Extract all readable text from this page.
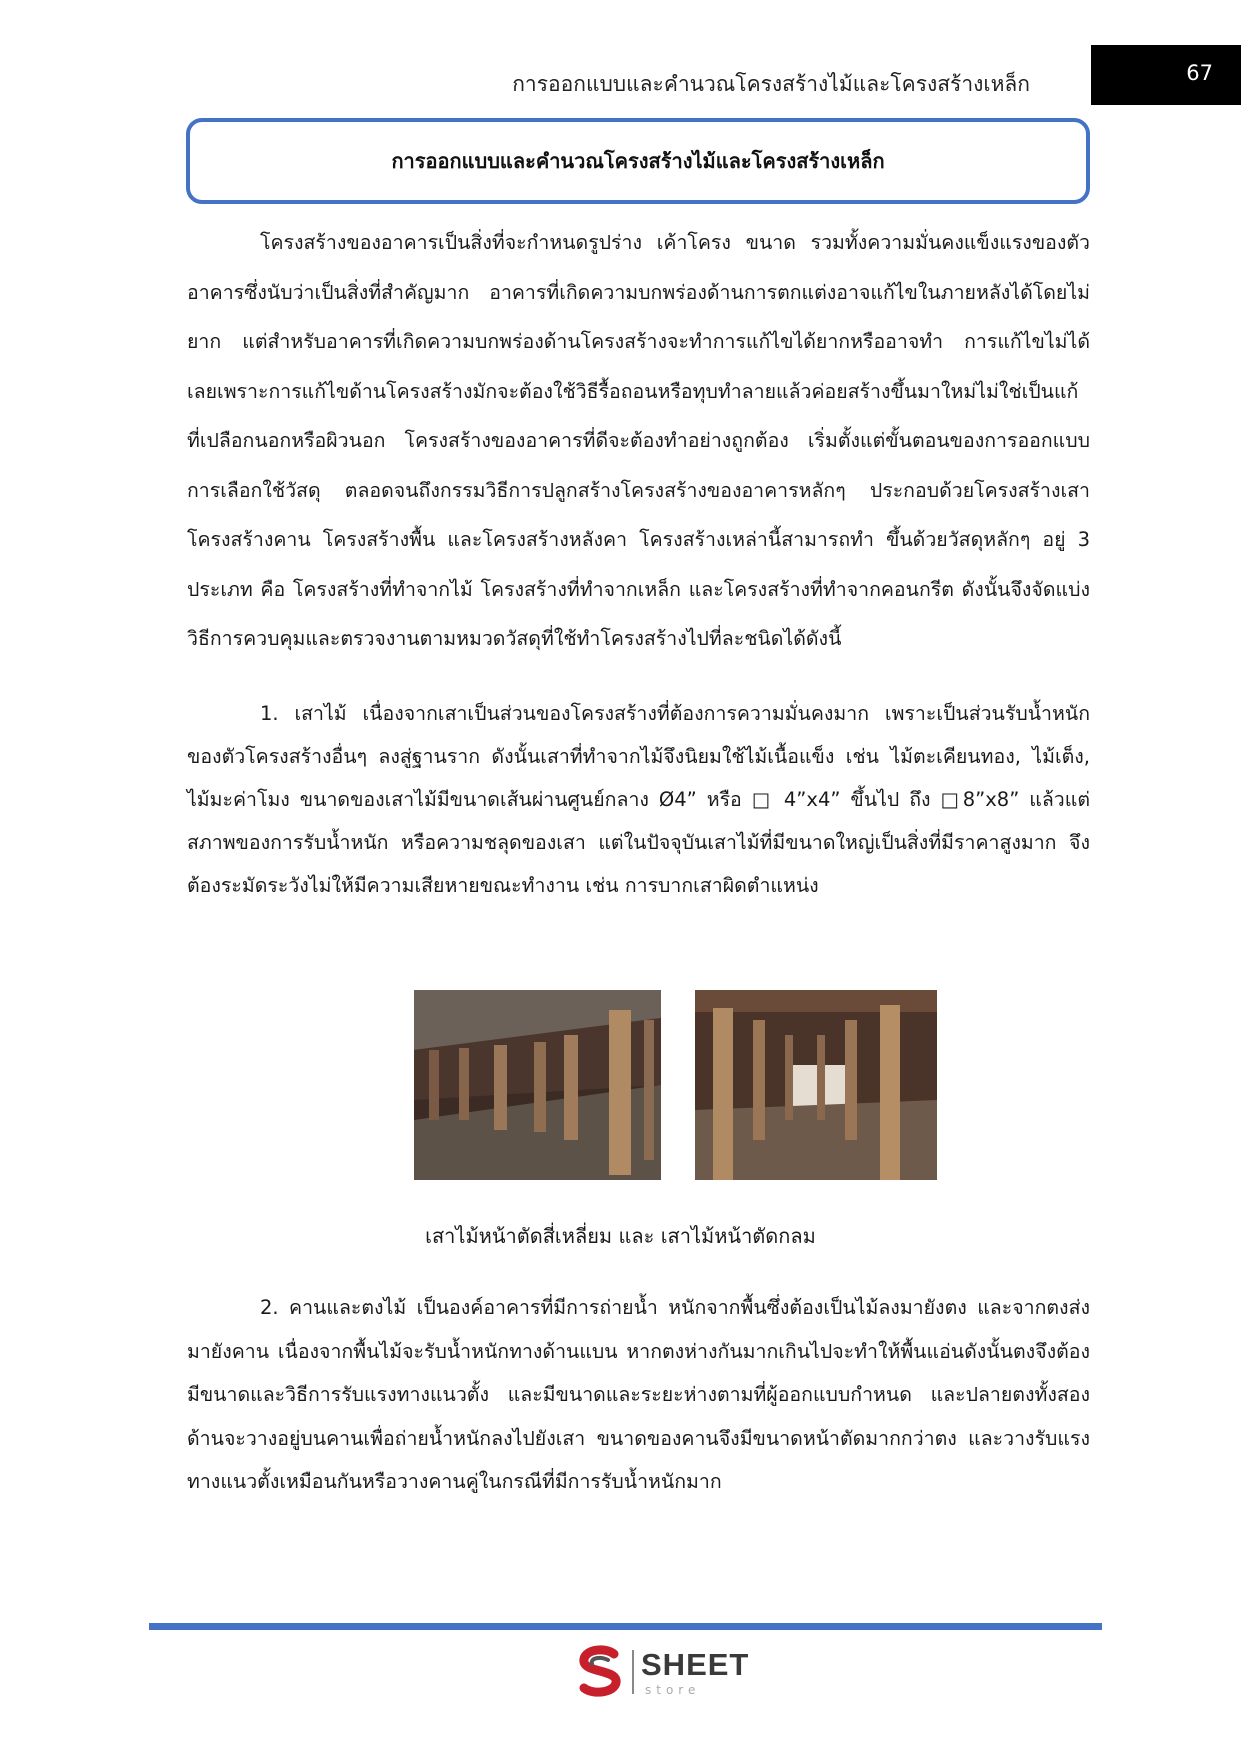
การออกแบบและคำนวณโครงสร้างไม้และโครงสร้างเหล็ก	67
การออกแบบและคำนวณโครงสร้างไม้และโครงสร้างเหล็ก

โครงสร้างของอาคารเป็นสิ่งที่จะกำหนดรูปร่าง เค้าโครง ขนาด รวมทั้งความมั่นคงแข็งแรงของตัวอาคารซึ่งนับว่าเป็นสิ่งที่สำคัญมาก อาคารที่เกิดความบกพร่องด้านการตกแต่งอาจแก้ไขในภายหลังได้โดยไม่ยาก แต่สำหรับอาคารที่เกิดความบกพร่องด้านโครงสร้างจะทำการแก้ไขได้ยากหรืออาจทำ การแก้ไขไม่ได้เลยเพราะการแก้ไขด้านโครงสร้างมักจะต้องใช้วิธีรื้อถอนหรือทุบทำลายแล้วค่อยสร้างขึ้นมาใหม่ไม่ใช่เป็นแก้ที่เปลือกนอกหรือผิวนอก โครงสร้างของอาคารที่ดีจะต้องทำอย่างถูกต้อง เริ่มตั้งแต่ขั้นตอนของการออกแบบ การเลือกใช้วัสดุ ตลอดจนถึงกรรมวิธีการปลูกสร้างโครงสร้างของอาคารหลักๆ ประกอบด้วยโครงสร้างเสา โครงสร้างคาน โครงสร้างพื้น และโครงสร้างหลังคา โครงสร้างเหล่านี้สามารถทำ ขึ้นด้วยวัสดุหลักๆ อยู่ 3 ประเภท คือ โครงสร้างที่ทำจากไม้ โครงสร้างที่ทำจากเหล็ก และโครงสร้างที่ทำจากคอนกรีต ดังนั้นจึงจัดแบ่งวิธีการควบคุมและตรวจงานตามหมวดวัสดุที่ใช้ทำโครงสร้างไปที่ละชนิดได้ดังนี้

1. เสาไม้ เนื่องจากเสาเป็นส่วนของโครงสร้างที่ต้องการความมั่นคงมาก เพราะเป็นส่วนรับน้ำหนักของตัวโครงสร้างอื่นๆ ลงสู่ฐานราก ดังนั้นเสาที่ทำจากไม้จึงนิยมใช้ไม้เนื้อแข็ง เช่น ไม้ตะเคียนทอง, ไม้เต็ง, ไม้มะค่าโมง ขนาดของเสาไม้มีขนาดเส้นผ่านศูนย์กลาง Ø4” หรือ □ 4”x4” ขึ้นไป ถึง □8”x8” แล้วแต่สภาพของการรับน้ำหนัก หรือความชลุดของเสา แต่ในปัจจุบันเสาไม้ที่มีขนาดใหญ่เป็นสิ่งที่มีราคาสูงมาก จึงต้องระมัดระวังไม่ให้มีความเสียหายขณะทำงาน เช่น การบากเสาผิดตำแหน่ง

เสาไม้หน้าตัดสี่เหลี่ยม และ เสาไม้หน้าตัดกลม

2. คานและตงไม้ เป็นองค์อาคารที่มีการถ่ายน้ำ หนักจากพื้นซึ่งต้องเป็นไม้ลงมายังตง และจากตงส่งมายังคาน เนื่องจากพื้นไม้จะรับน้ำหนักทางด้านแบน หากตงห่างกันมากเกินไปจะทำให้พื้นแอ่นดังนั้นตงจึงต้องมีขนาดและวิธีการรับแรงทางแนวตั้ง และมีขนาดและระยะห่างตามที่ผู้ออกแบบกำหนด และปลายตงทั้งสองด้านจะวางอยู่บนคานเพื่อถ่ายน้ำหนักลงไปยังเสา ขนาดของคานจึงมีขนาดหน้าตัดมากกว่าตง และวางรับแรงทางแนวตั้งเหมือนกันหรือวางคานคู่ในกรณีที่มีการรับน้ำหนักมาก

SHEET
store
